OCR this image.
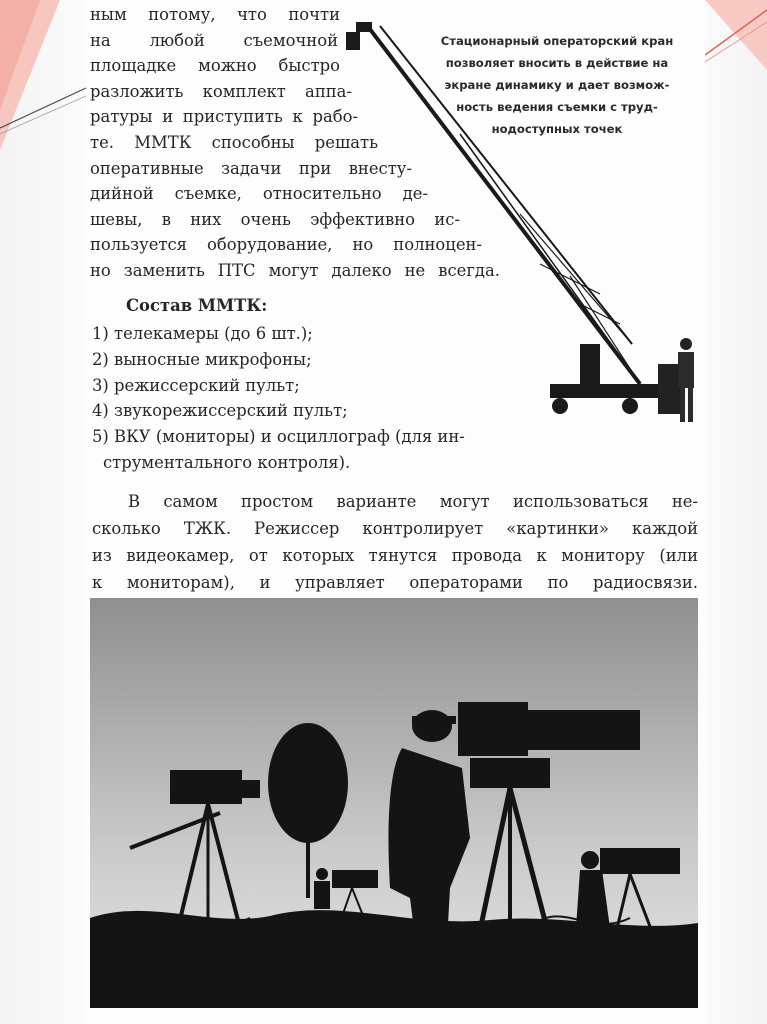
ным потому, что почти
на любой съемочной
площадке можно быстро
разложить комплект аппа-
ратуры и приступить к рабо-
те. ММТК способны решать
оперативные задачи при внесту-
дийной съемке, относительно де-
шевы, в них очень эффективно ис-
пользуется оборудование, но полноцен-
но заменить ПТС могут далеко не всегда.
Стационарный операторский кран
позволяет вносить в действие на
экране динамику и дает возмож-
ность ведения съемки с труд-
нодоступных точек
Состав ММТК:
1) телекамеры (до 6 шт.);
2) выносные микрофоны;
3) режиссерский пульт;
4) звукорежиссерский пульт;
5) ВКУ (мониторы) и осциллограф (для ин-
струментального контроля).
В самом простом варианте могут использоваться не-
сколько ТЖК. Режиссер контролирует «картинки» каждой
из видеокамер, от которых тянутся провода к монитору (или
к мониторам), и управляет операторами по радиосвязи.
